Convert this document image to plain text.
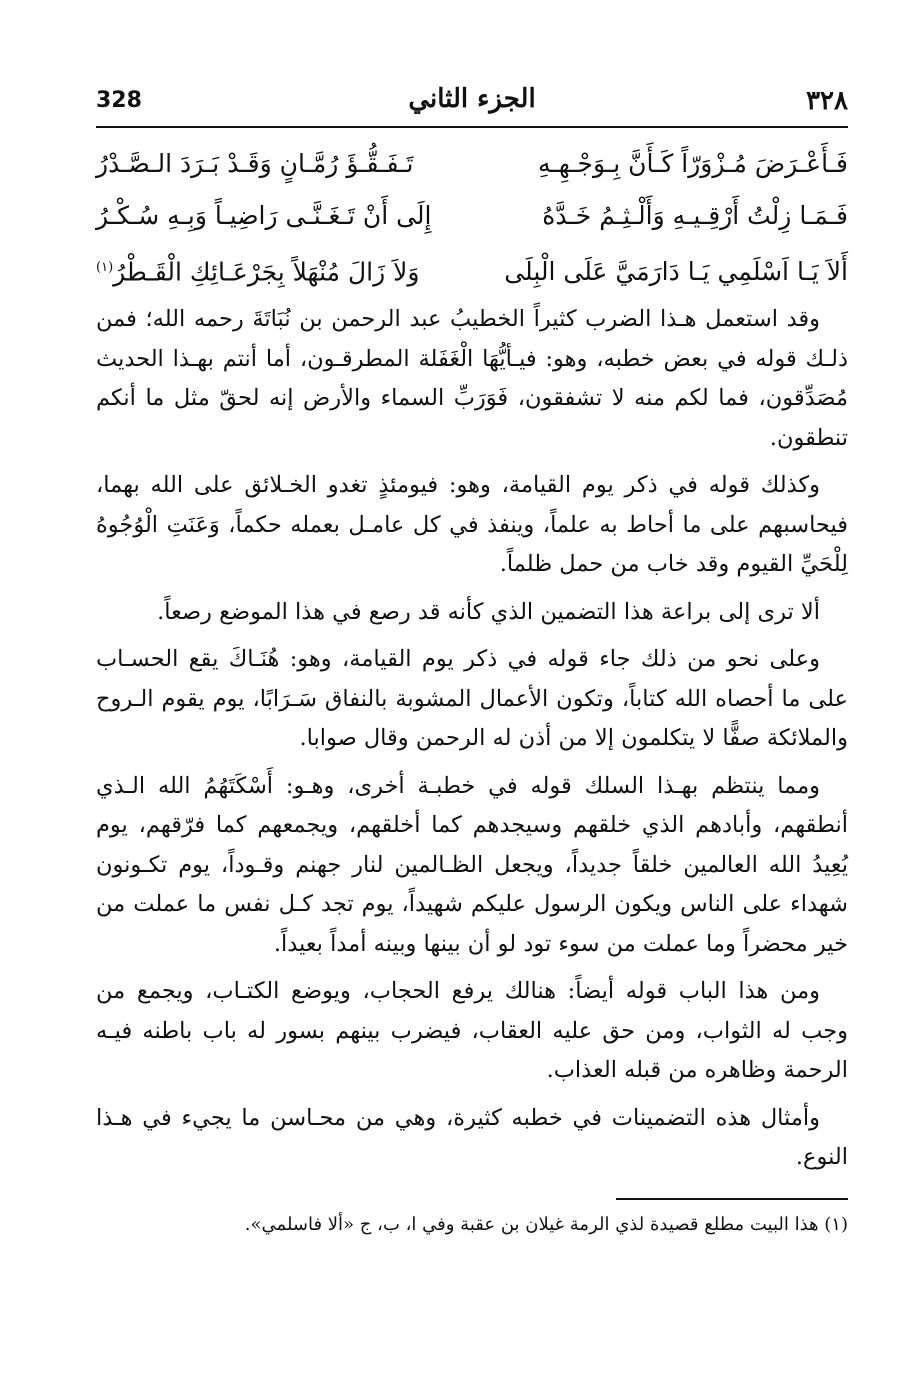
٣٢٨
الجزء الثاني
328
فَـأَعْـرَضَ مُـزْوَرّاً كَـأَنَّ بِـوَجْـهِـهِ
تَـفَـقُّـؤَ رُمَّـانٍ وَقَـدْ بَـرَدَ الـصَّـدْرُ
فَـمَـا زِلْتُ أَرْقِـيـهِ وَأَلْـثِـمُ خَـدَّهُ
إِلَى أَنْ تَـغَـنَّـى رَاضِيـاً وَبِـهِ سُـكْـرُ
أَلاَ يَـا اَسْلَمِي يَـا دَارَمَيَّ عَلَى الْبِلَى
وَلاَ زَالَ مُنْهَلاً بِجَرْعَـائِكِ الْقَـطْرُ$^{(١)}$

وقد استعمل هـذا الضرب كثيراً الخطيبُ عبد الرحمن بن نُبَاتَةَ رحمه الله؛ فمن ذلـك قوله في بعض خطبه، وهو: فيـأيُّهَا الْغَفَلة المطرقـون، أما أنتم بهـذا الحديث مُصَدِّقون، فما لكم منه لا تشفقون، فَوَرَبِّ السماء والأرض إنه لحقّ مثل ما أنكم تنطقون.

وكذلك قوله في ذكر يوم القيامة، وهو: فيومئذٍ تغدو الخـلائق على الله بهما، فيحاسبهم على ما أحاط به علماً، وينفذ في كل عامـل بعمله حكماً، وَعَنَتِ الْوُجُوهُ لِلْحَيِّ القيوم وقد خاب من حمل ظلماً.

ألا ترى إلى براعة هذا التضمين الذي كأنه قد رصع في هذا الموضع رصعاً.

وعلى نحو من ذلك جاء قوله في ذكر يوم القيامة، وهو: هُنَـاكَ يقع الحسـاب على ما أحصاه الله كتاباً، وتكون الأعمال المشوبة بالنفاق سَـرَابًا، يوم يقوم الـروح والملائكة صفًّا لا يتكلمون إلا من أذن له الرحمن وقال صوابا.

ومما ينتظم بهـذا السلك قوله في خطبـة أخرى، وهـو: أَسْكَتَهُمُ الله الـذي أنطقهم، وأبادهم الذي خلقهم وسيجدهم كما أخلقهم، ويجمعهم كما فرّقهم، يوم يُعِيدُ الله العالمين خلقاً جديداً، ويجعل الظـالمين لنار جهنم وقـوداً، يوم تكـونون شهداء على الناس ويكون الرسول عليكم شهيداً، يوم تجد كـل نفس ما عملت من خير محضراً وما عملت من سوء تود لو أن بينها وبينه أمداً بعيداً.

ومن هذا الباب قوله أيضاً: هنالك يرفع الحجاب، ويوضع الكتـاب، ويجمع من وجب له الثواب، ومن حق عليه العقاب، فيضرب بينهم بسور له باب باطنه فيـه الرحمة وظاهره من قبله العذاب.

وأمثال هذه التضمينات في خطبه كثيرة، وهي من محـاسن ما يجيء في هـذا النوع.

(١) هذا البيت مطلع قصيدة لذي الرمة غيلان بن عقبة وفي ا، ب، ج «ألا فاسلمي».
